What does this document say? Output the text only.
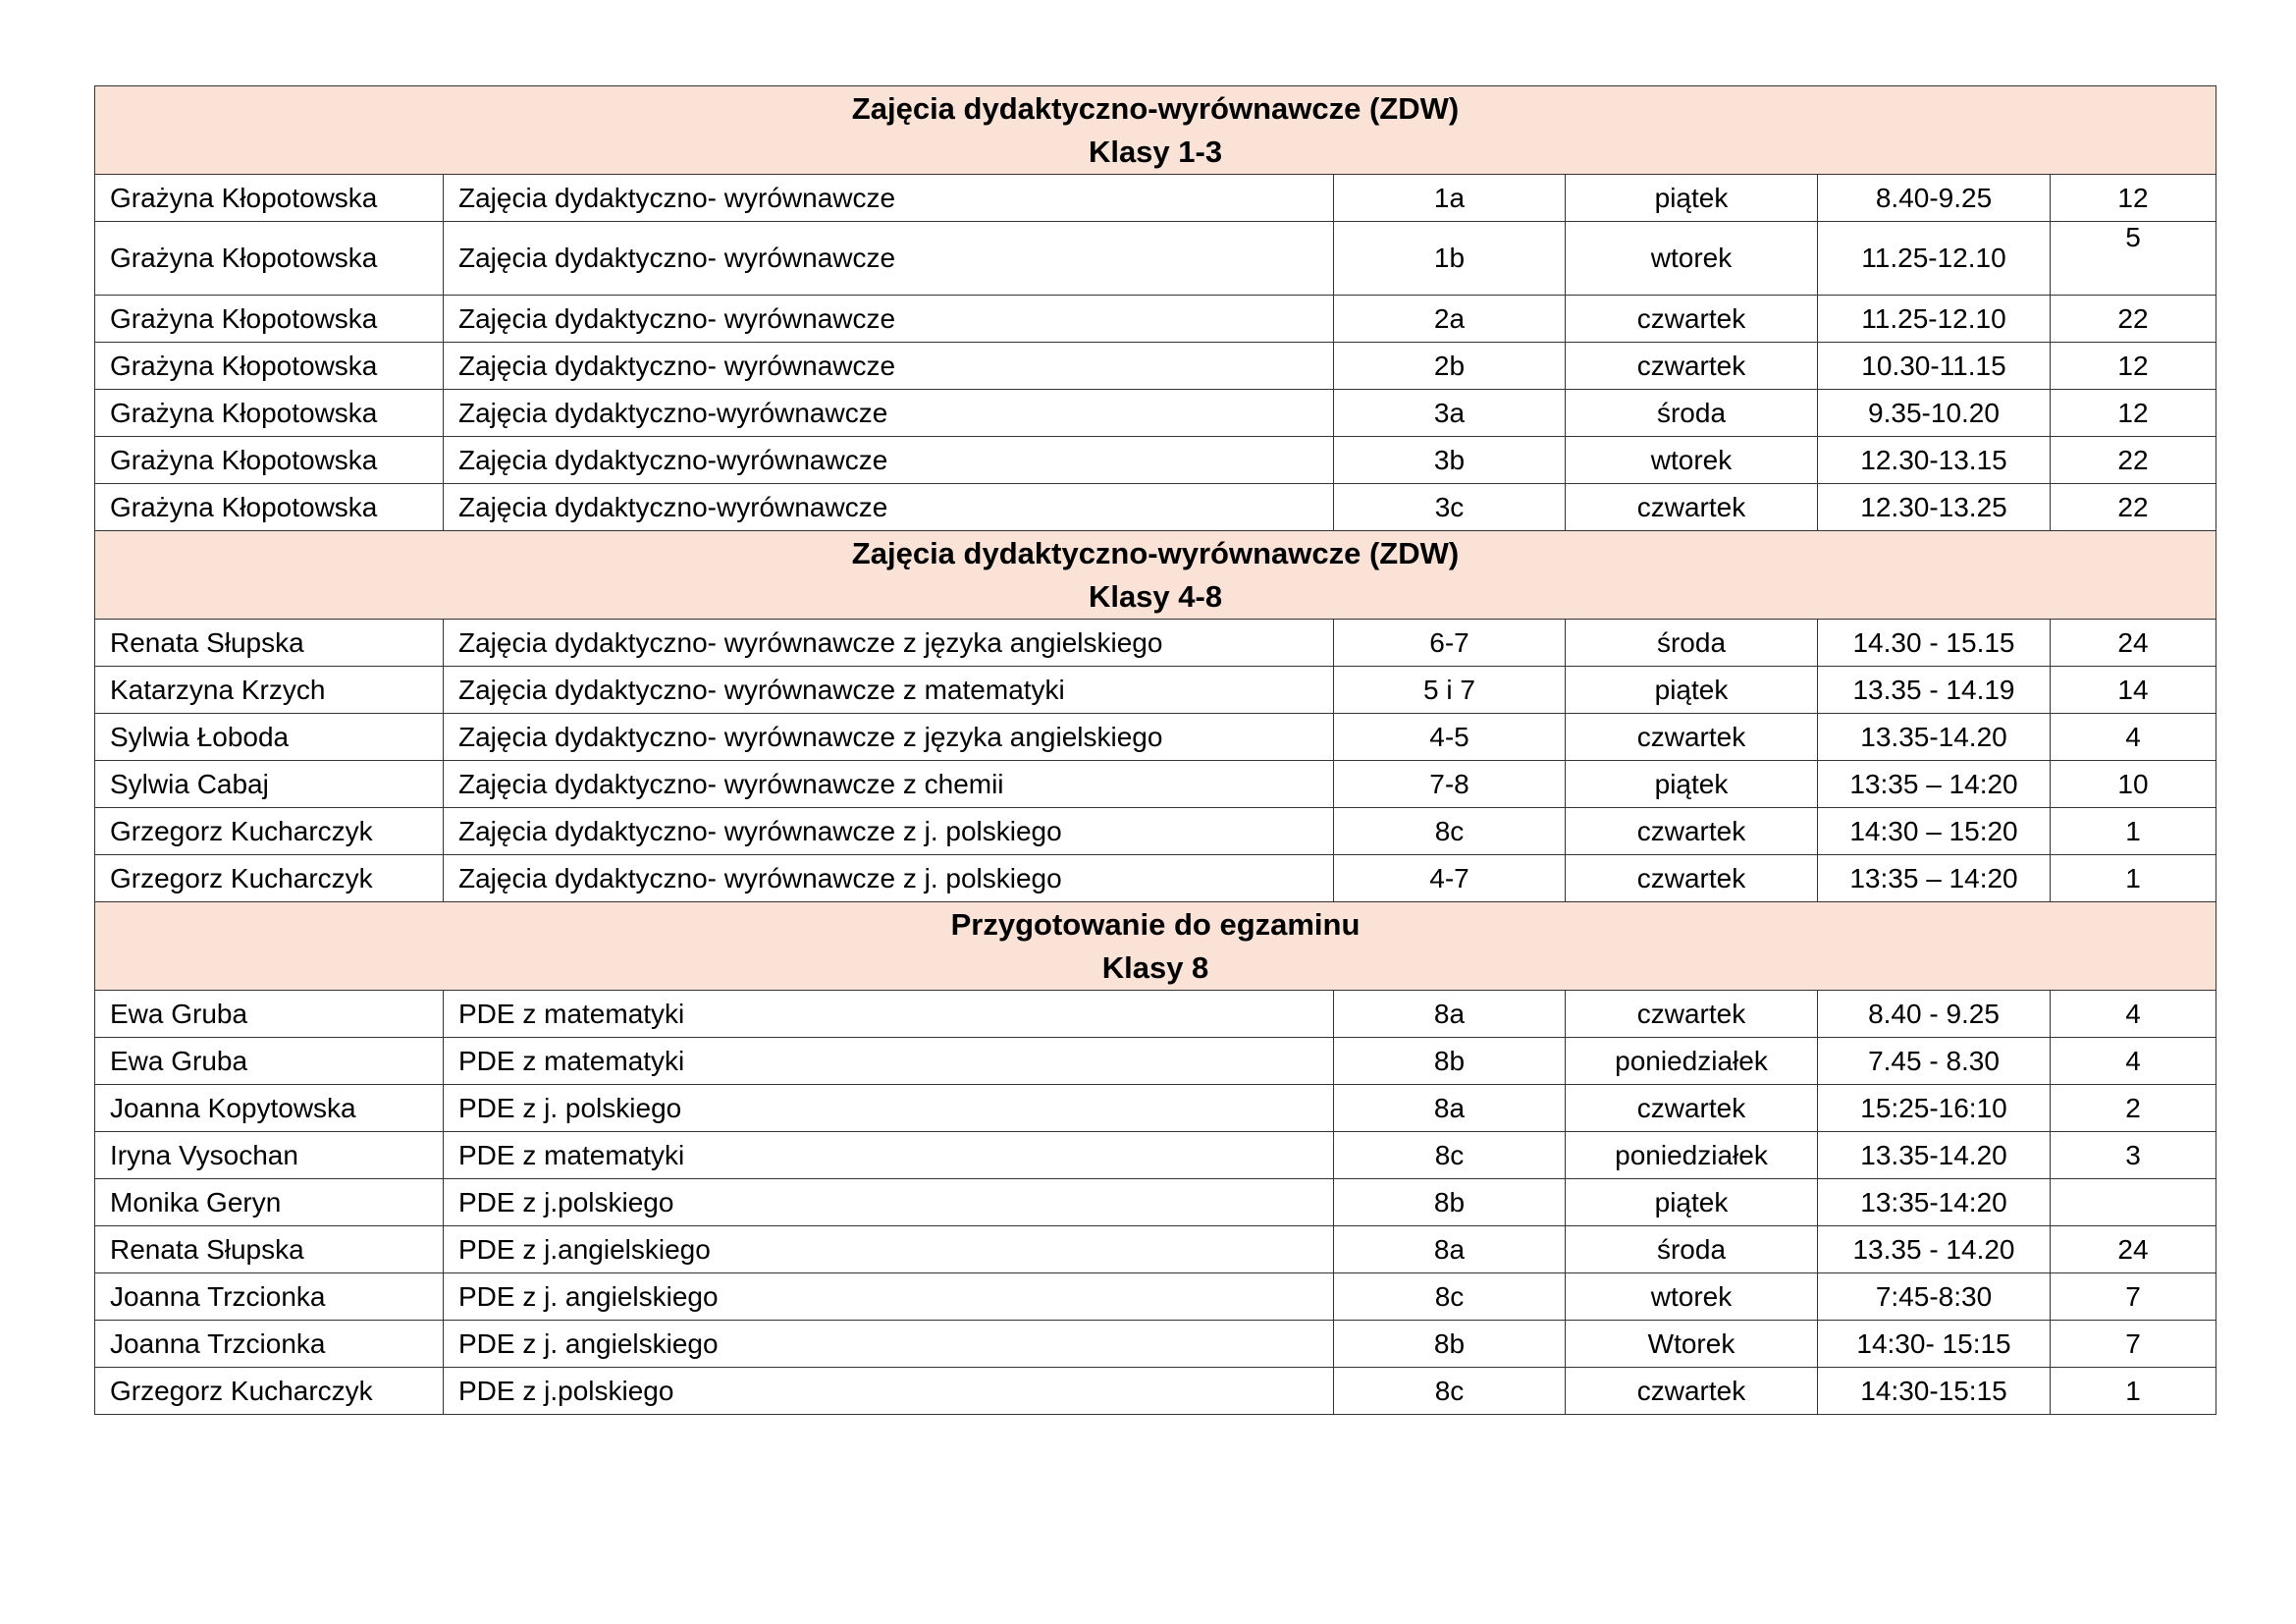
Zajęcia dydaktyczno-wyrównawcze (ZDW)
Klasy 1-3					

Grażyna Kłopotowska	Zajęcia dydaktyczno- wyrównawcze	1a	piątek	8.40-9.25	12
Grażyna Kłopotowska	Zajęcia dydaktyczno- wyrównawcze	1b	wtorek	11.25-12.10	5
Grażyna Kłopotowska	Zajęcia dydaktyczno- wyrównawcze	2a	czwartek	11.25-12.10	22
Grażyna Kłopotowska	Zajęcia dydaktyczno- wyrównawcze	2b	czwartek	10.30-11.15	12
Grażyna Kłopotowska	Zajęcia dydaktyczno-wyrównawcze	3a	środa	9.35-10.20	12
Grażyna Kłopotowska	Zajęcia dydaktyczno-wyrównawcze	3b	wtorek	12.30-13.15	22
Grażyna Kłopotowska	Zajęcia dydaktyczno-wyrównawcze	3c	czwartek	12.30-13.25	22

Zajęcia dydaktyczno-wyrównawcze (ZDW)
Klasy 4-8					

Renata Słupska	Zajęcia dydaktyczno- wyrównawcze z języka angielskiego	6-7	środa	14.30 - 15.15	24
Katarzyna Krzych	Zajęcia dydaktyczno- wyrównawcze z matematyki	5 i 7	piątek	13.35 - 14.19	14
Sylwia Łoboda	Zajęcia dydaktyczno- wyrównawcze z języka angielskiego	4-5	czwartek	13.35-14.20	4
Sylwia Cabaj	Zajęcia dydaktyczno- wyrównawcze z chemii	7-8	piątek	13:35 – 14:20	10
Grzegorz Kucharczyk	Zajęcia dydaktyczno- wyrównawcze z j. polskiego	8c	czwartek	14:30 – 15:20	1
Grzegorz Kucharczyk	Zajęcia dydaktyczno- wyrównawcze z j. polskiego	4-7	czwartek	13:35 – 14:20	1

Przygotowanie do egzaminu
Klasy 8					

Ewa Gruba	PDE z matematyki	8a	czwartek	8.40 - 9.25	4
Ewa Gruba	PDE z matematyki	8b	poniedziałek	7.45 - 8.30	4
Joanna Kopytowska	PDE z j. polskiego	8a	czwartek	15:25-16:10	2
Iryna Vysochan	PDE z matematyki	8c	poniedziałek	13.35-14.20	3
Monika Geryn	PDE z j.polskiego	8b	piątek	13:35-14:20	
Renata Słupska	PDE z j.angielskiego	8a	środa	13.35 - 14.20	24
Joanna Trzcionka	PDE z j. angielskiego	8c	wtorek	7:45-8:30	7
Joanna Trzcionka	PDE z j. angielskiego	8b	Wtorek	14:30- 15:15	7
Grzegorz Kucharczyk	PDE z j.polskiego	8c	czwartek	14:30-15:15	1
